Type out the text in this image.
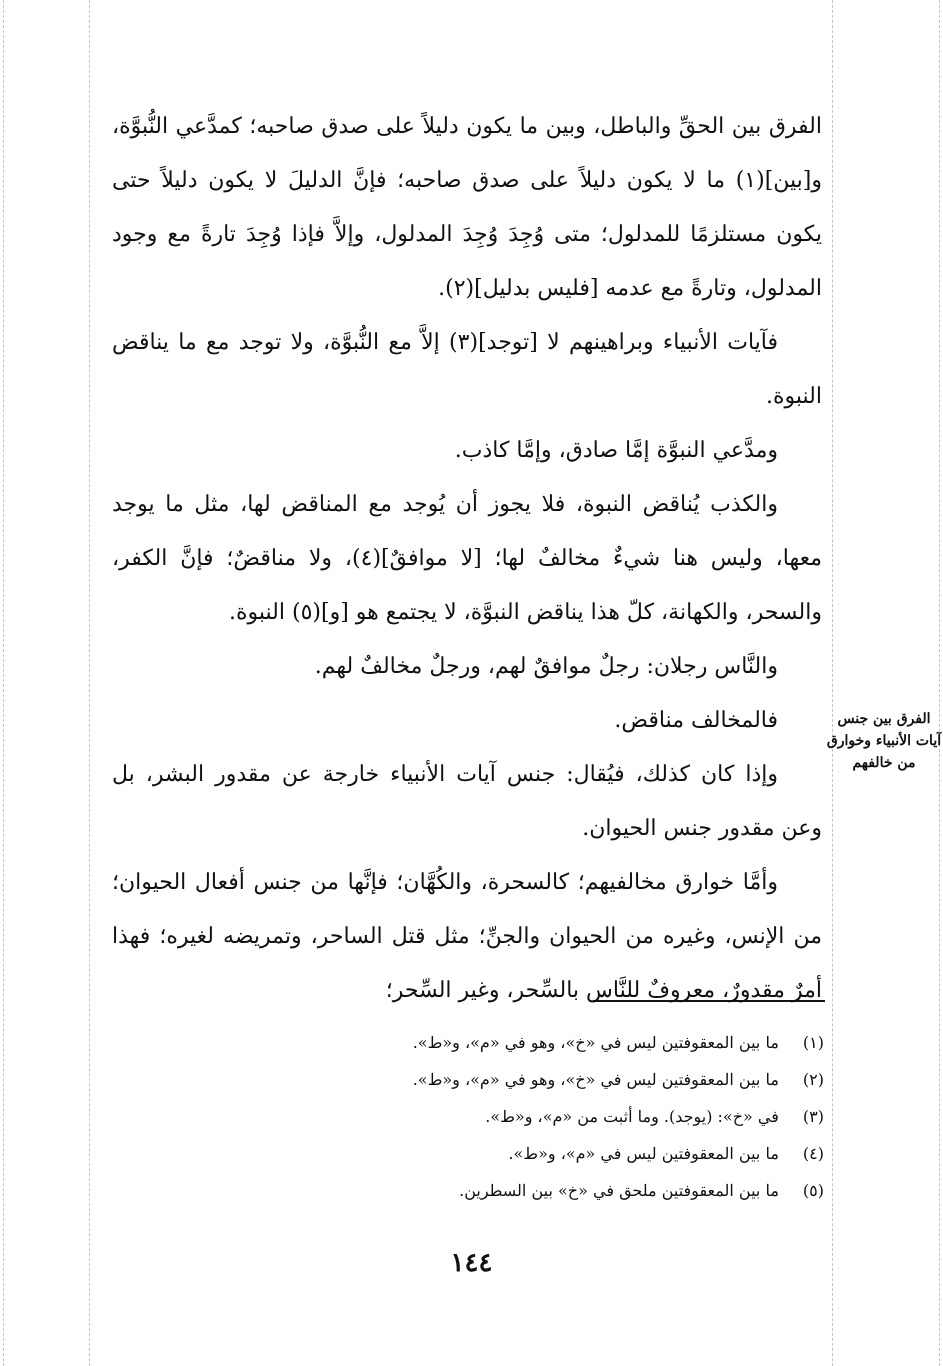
الفرق بين الحقِّ والباطل، وبين ما يكون دليلاً على صدق صاحبه؛ كمدَّعي النُّبوَّة، و[بين](١) ما لا يكون دليلاً على صدق صاحبه؛ فإنَّ الدليلَ لا يكون دليلاً حتى يكون مستلزمًا للمدلول؛ متى وُجِدَ وُجِدَ المدلول، وإلاَّ فإذا وُجِدَ تارةً مع وجود المدلول، وتارةً مع عدمه [فليس بدليل](٢).

فآيات الأنبياء وبراهينهم لا [توجد](٣) إلاَّ مع النُّبوَّة، ولا توجد مع ما يناقض النبوة.

ومدَّعي النبوَّة إمَّا صادق، وإمَّا كاذب.

والكذب يُناقض النبوة، فلا يجوز أن يُوجد مع المناقض لها، مثل ما يوجد معها، وليس هنا شيءٌ مخالفٌ لها؛ [لا موافقٌ](٤)، ولا مناقضٌ؛ فإنَّ الكفر، والسحر، والكهانة، كلّ هذا يناقض النبوَّة، لا يجتمع هو [و](٥) النبوة.

والنَّاس رجلان: رجلٌ موافقٌ لهم، ورجلٌ مخالفٌ لهم.

فالمخالف مناقض.

وإذا كان كذلك، فيُقال: جنس آيات الأنبياء خارجة عن مقدور البشر، بل وعن مقدور جنس الحيوان.

وأمَّا خوارق مخالفيهم؛ كالسحرة، والكُهَّان؛ فإنَّها من جنس أفعال الحيوان؛ من الإنس، وغيره من الحيوان والجنِّ؛ مثل قتل الساحر، وتمريضه لغيره؛ فهذا أمرٌ مقدورٌ، معروفٌ للنَّاس بالسِّحر، وغير السِّحر؛

الفرق بين جنس
آيات الأنبياء وخوارق
من خالفهم
(١) ما بين المعقوفتين ليس في «خ»، وهو في «م»، و«ط».
(٢) ما بين المعقوفتين ليس في «خ»، وهو في «م»، و«ط».
(٣) في «خ»: (يوجد). وما أثبت من «م»، و«ط».
(٤) ما بين المعقوفتين ليس في «م»، و«ط».
(٥) ما بين المعقوفتين ملحق في «خ» بين السطرين.
١٤٤
